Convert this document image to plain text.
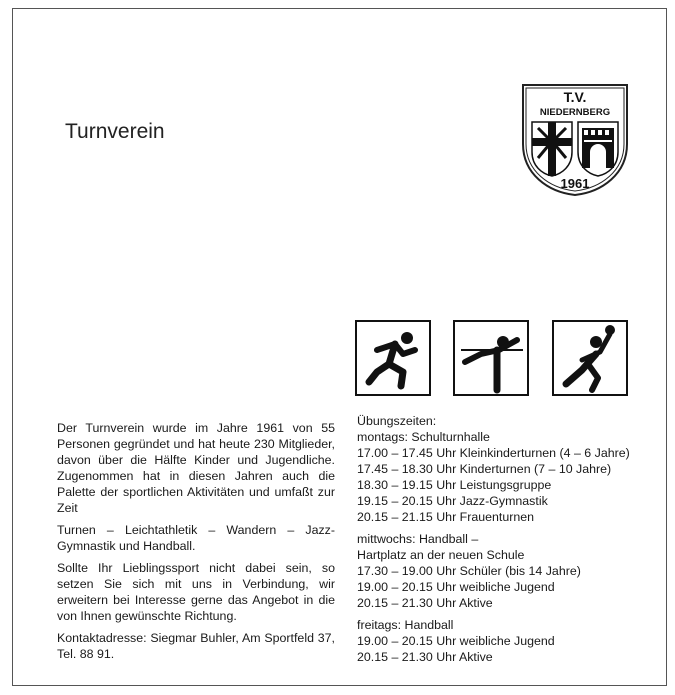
Turnverein
T.V.
NIEDERNBERG
1961

Der Turnverein wurde im Jahre 1961 von 55 Personen gegründet und hat heute 230 Mitglieder, davon über die Hälfte Kinder und Jugendliche. Zugenommen hat in diesen Jahren auch die Palette der sportlichen Aktivitäten und umfaßt zur Zeit

Turnen – Leichtathletik – Wandern – Jazz-Gymnastik und Handball.

Sollte Ihr Lieblingssport nicht dabei sein, so setzen Sie sich mit uns in Verbindung, wir erweitern bei Interesse gerne das Angebot in die von Ihnen gewünschte Richtung.

Kontaktadresse: Siegmar Buhler, Am Sportfeld 37, Tel. 88 91.

Übungszeiten:
montags: Schulturnhalle
17.00 – 17.45 Uhr Kleinkinderturnen (4 – 6 Jahre)
17.45 – 18.30 Uhr Kinderturnen (7 – 10 Jahre)
18.30 – 19.15 Uhr Leistungsgruppe
19.15 – 20.15 Uhr Jazz-Gymnastik
20.15 – 21.15 Uhr Frauenturnen
mittwochs: Handball –
Hartplatz an der neuen Schule
17.30 – 19.00 Uhr Schüler (bis 14 Jahre)
19.00 – 20.15 Uhr weibliche Jugend
20.15 – 21.30 Uhr Aktive
freitags: Handball
19.00 – 20.15 Uhr weibliche Jugend
20.15 – 21.30 Uhr Aktive
